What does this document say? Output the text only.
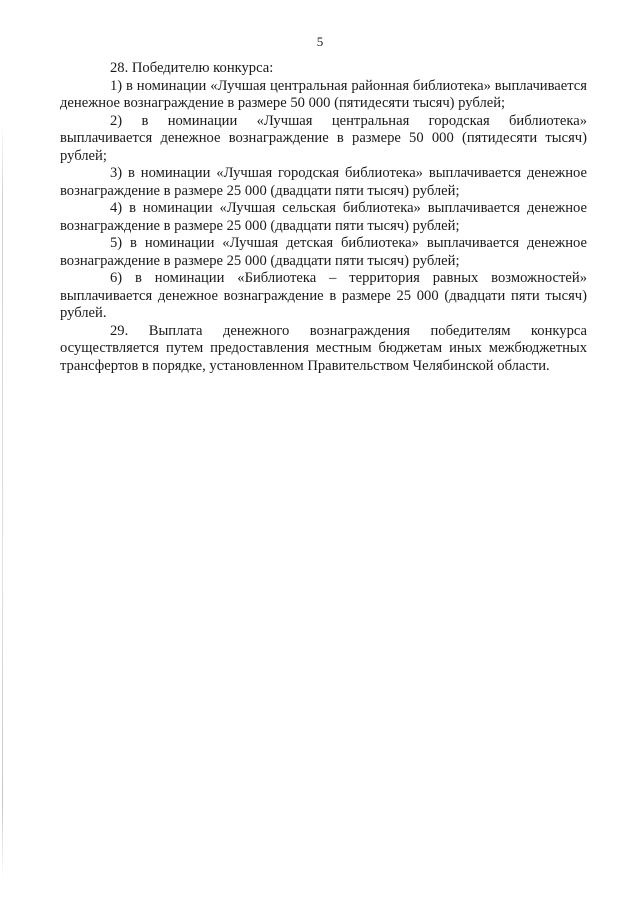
5

28. Победителю конкурса:

1) в номинации «Лучшая центральная районная библиотека» выплачивается денежное вознаграждение в размере 50 000 (пятидесяти тысяч) рублей;

2) в номинации «Лучшая центральная городская библиотека» выплачивается денежное вознаграждение в размере 50 000 (пятидесяти тысяч) рублей;

3) в номинации «Лучшая городская библиотека» выплачивается денежное вознаграждение в размере 25 000 (двадцати пяти тысяч) рублей;

4) в номинации «Лучшая сельская библиотека» выплачивается денежное вознаграждение в размере 25 000 (двадцати пяти тысяч) рублей;

5) в номинации «Лучшая детская библиотека» выплачивается денежное вознаграждение в размере 25 000 (двадцати пяти тысяч) рублей;

6) в номинации «Библиотека – территория равных возможностей» выплачивается денежное вознаграждение в размере 25 000 (двадцати пяти тысяч) рублей.

29. Выплата денежного вознаграждения победителям конкурса осуществляется путем предоставления местным бюджетам иных межбюджетных трансфертов в порядке, установленном Правительством Челябинской области.
